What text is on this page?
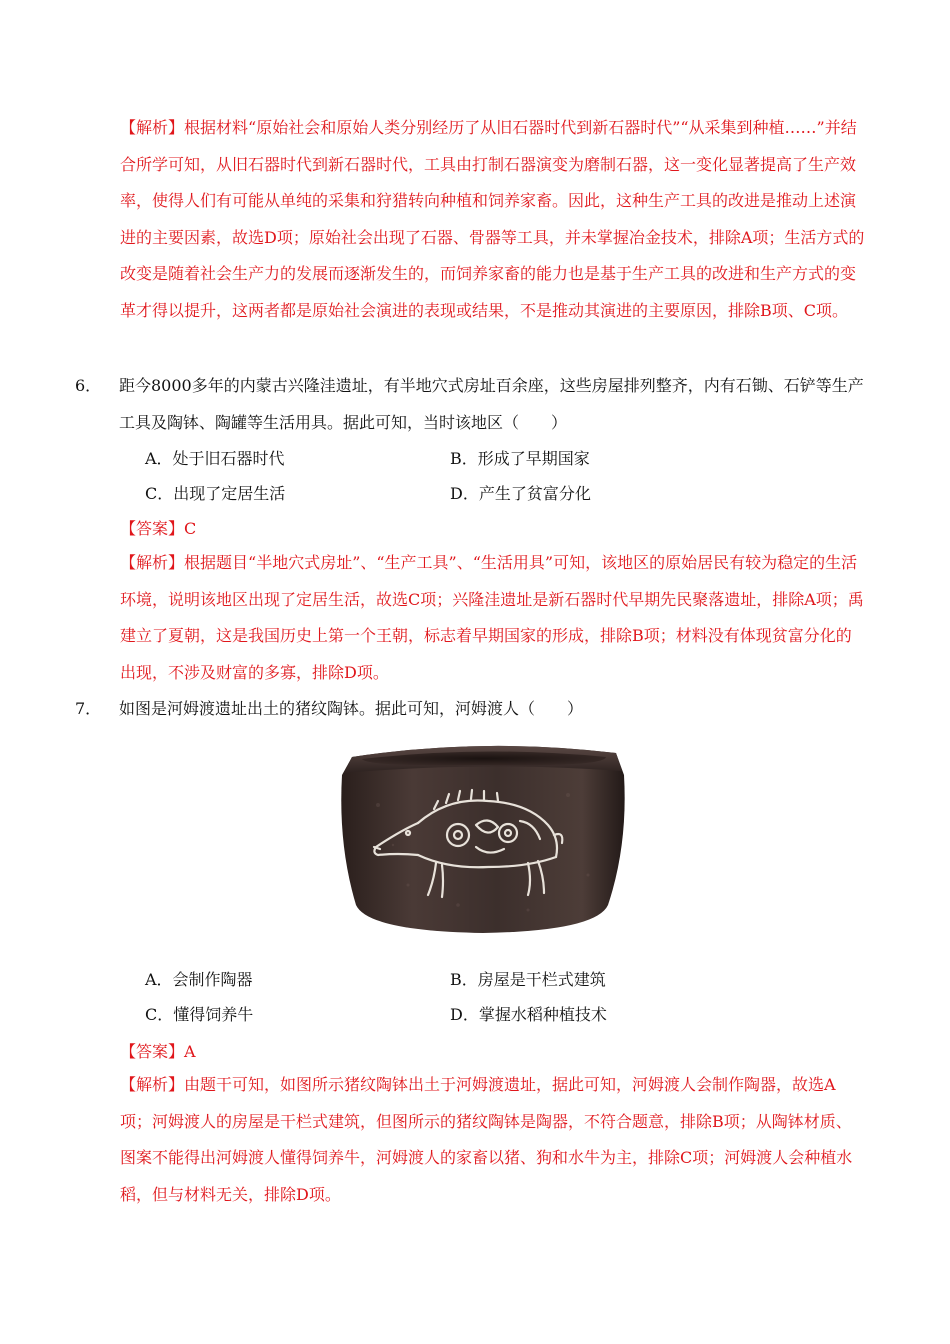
【解析】根据材料“原始社会和原始人类分别经历了从旧石器时代到新石器时代”“从采集到种植……”并结合所学可知，从旧石器时代到新石器时代，工具由打制石器演变为磨制石器，这一变化显著提高了生产效率，使得人们有可能从单纯的采集和狩猎转向种植和饲养家畜。因此，这种生产工具的改进是推动上述演进的主要因素，故选D项；原始社会出现了石器、骨器等工具，并未掌握冶金技术，排除A项；生活方式的改变是随着社会生产力的发展而逐渐发生的，而饲养家畜的能力也是基于生产工具的改进和生产方式的变革才得以提升，这两者都是原始社会演进的表现或结果，不是推动其演进的主要原因，排除B项、C项。
6． 距今8000多年的内蒙古兴隆洼遗址，有半地穴式房址百余座，这些房屋排列整齐，内有石锄、石铲等生产工具及陶钵、陶罐等生活用具。据此可知，当时该地区（　　）
A．处于旧石器时代	B．形成了早期国家
C．出现了定居生活	D．产生了贫富分化
【答案】C
【解析】根据题目“半地穴式房址”、“生产工具”、“生活用具”可知，该地区的原始居民有较为稳定的生活环境，说明该地区出现了定居生活，故选C项；兴隆洼遗址是新石器时代早期先民聚落遗址，排除A项；禹建立了夏朝，这是我国历史上第一个王朝，标志着早期国家的形成，排除B项；材料没有体现贫富分化的出现，不涉及财富的多寡，排除D项。
7． 如图是河姆渡遗址出土的猪纹陶钵。据此可知，河姆渡人（　　）
A．会制作陶器	B．房屋是干栏式建筑
C．懂得饲养牛	D．掌握水稻种植技术
【答案】A
【解析】由题干可知，如图所示猪纹陶钵出土于河姆渡遗址，据此可知，河姆渡人会制作陶器，故选A项；河姆渡人的房屋是干栏式建筑，但图所示的猪纹陶钵是陶器，不符合题意，排除B项；从陶钵材质、图案不能得出河姆渡人懂得饲养牛，河姆渡人的家畜以猪、狗和水牛为主，排除C项；河姆渡人会种植水稻，但与材料无关，排除D项。
